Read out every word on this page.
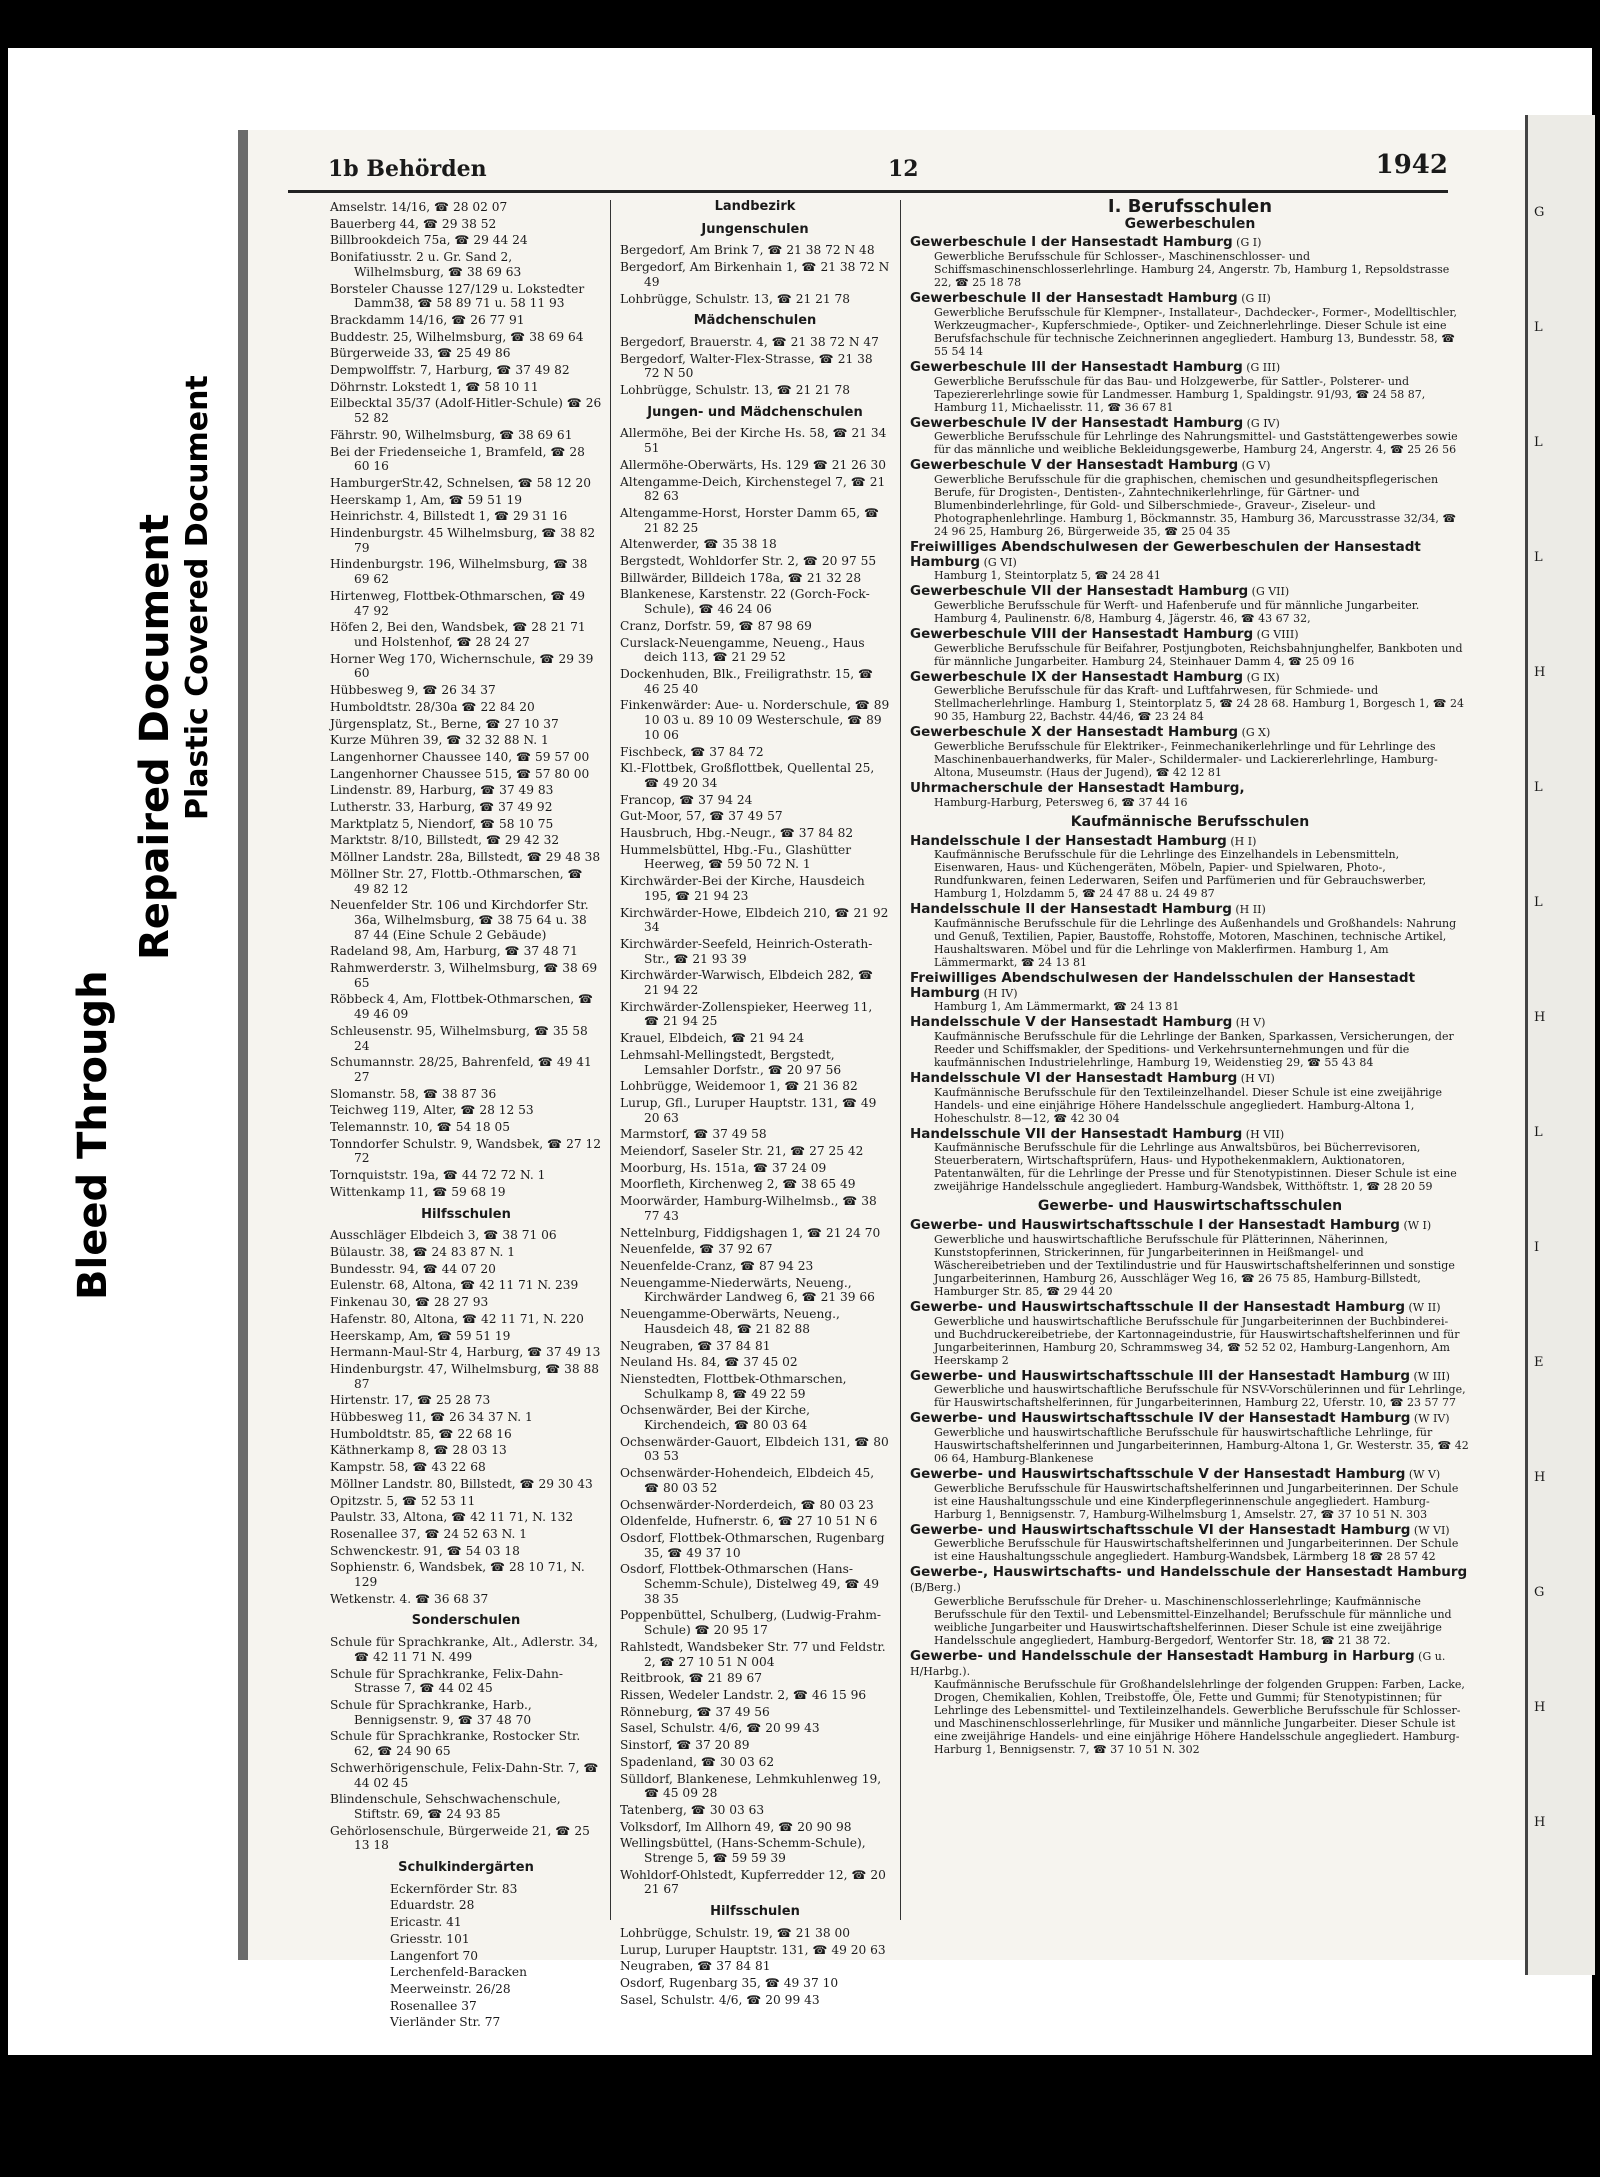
Bleed Through
Repaired Document Plastic Covered Document
G
L
L
L
H
L
L
H
L
I
E
H
G
H
H
1b Behörden	12	1942
Amselstr. 14/16, ☎ 28 02 07
Bauerberg 44, ☎ 29 38 52
Billbrookdeich 75a, ☎ 29 44 24
Bonifatiusstr. 2 u. Gr. Sand 2, Wilhelmsburg, ☎ 38 69 63
Borsteler Chausse 127/129 u. Lokstedter Damm38, ☎ 58 89 71 u. 58 11 93
Brackdamm 14/16, ☎ 26 77 91
Buddestr. 25, Wilhelmsburg, ☎ 38 69 64
Bürgerweide 33, ☎ 25 49 86
Dempwolffstr. 7, Harburg, ☎ 37 49 82
Döhrnstr. Lokstedt 1, ☎ 58 10 11
Eilbecktal 35/37 (Adolf-Hitler-Schule) ☎ 26 52 82
Fährstr. 90, Wilhelmsburg, ☎ 38 69 61
Bei der Friedenseiche 1, Bramfeld, ☎ 28 60 16
HamburgerStr.42, Schnelsen, ☎ 58 12 20
Heerskamp 1, Am, ☎ 59 51 19
Heinrichstr. 4, Billstedt 1, ☎ 29 31 16
Hindenburgstr. 45 Wilhelmsburg, ☎ 38 82 79
Hindenburgstr. 196, Wilhelmsburg, ☎ 38 69 62
Hirtenweg, Flottbek-Othmarschen, ☎ 49 47 92
Höfen 2, Bei den, Wandsbek, ☎ 28 21 71 und Holstenhof, ☎ 28 24 27
Horner Weg 170, Wichernschule, ☎ 29 39 60
Hübbesweg 9, ☎ 26 34 37
Humboldtstr. 28/30a ☎ 22 84 20
Jürgensplatz, St., Berne, ☎ 27 10 37
Kurze Mühren 39, ☎ 32 32 88 N. 1
Langenhorner Chaussee 140, ☎ 59 57 00
Langenhorner Chaussee 515, ☎ 57 80 00
Lindenstr. 89, Harburg, ☎ 37 49 83
Lutherstr. 33, Harburg, ☎ 37 49 92
Marktplatz 5, Niendorf, ☎ 58 10 75
Marktstr. 8/10, Billstedt, ☎ 29 42 32
Möllner Landstr. 28a, Billstedt, ☎ 29 48 38
Möllner Str. 27, Flottb.-Othmarschen, ☎ 49 82 12
Neuenfelder Str. 106 und Kirchdorfer Str. 36a, Wilhelmsburg, ☎ 38 75 64 u. 38 87 44 (Eine Schule 2 Gebäude)
Radeland 98, Am, Harburg, ☎ 37 48 71
Rahmwerderstr. 3, Wilhelmsburg, ☎ 38 69 65
Röbbeck 4, Am, Flottbek-Othmarschen, ☎ 49 46 09
Schleusenstr. 95, Wilhelmsburg, ☎ 35 58 24
Schumannstr. 28/25, Bahrenfeld, ☎ 49 41 27
Slomanstr. 58, ☎ 38 87 36
Teichweg 119, Alter, ☎ 28 12 53
Telemannstr. 10, ☎ 54 18 05
Tonndorfer Schulstr. 9, Wandsbek, ☎ 27 12 72
Tornquiststr. 19a, ☎ 44 72 72 N. 1
Wittenkamp 11, ☎ 59 68 19
Hilfsschulen
Ausschläger Elbdeich 3, ☎ 38 71 06
Bülaustr. 38, ☎ 24 83 87 N. 1
Bundesstr. 94, ☎ 44 07 20
Eulenstr. 68, Altona, ☎ 42 11 71 N. 239
Finkenau 30, ☎ 28 27 93
Hafenstr. 80, Altona, ☎ 42 11 71, N. 220
Heerskamp, Am, ☎ 59 51 19
Hermann-Maul-Str 4, Harburg, ☎ 37 49 13
Hindenburgstr. 47, Wilhelmsburg, ☎ 38 88 87
Hirtenstr. 17, ☎ 25 28 73
Hübbesweg 11, ☎ 26 34 37 N. 1
Humboldtstr. 85, ☎ 22 68 16
Käthnerkamp 8, ☎ 28 03 13
Kampstr. 58, ☎ 43 22 68
Möllner Landstr. 80, Billstedt, ☎ 29 30 43
Opitzstr. 5, ☎ 52 53 11
Paulstr. 33, Altona, ☎ 42 11 71, N. 132
Rosenallee 37, ☎ 24 52 63 N. 1
Schwenckestr. 91, ☎ 54 03 18
Sophienstr. 6, Wandsbek, ☎ 28 10 71, N. 129
Wetkenstr. 4. ☎ 36 68 37
Sonderschulen
Schule für Sprachkranke, Alt., Adlerstr. 34, ☎ 42 11 71 N. 499
Schule für Sprachkranke, Felix-Dahn-Strasse 7, ☎ 44 02 45
Schule für Sprachkranke, Harb., Bennigsenstr. 9, ☎ 37 48 70
Schule für Sprachkranke, Rostocker Str. 62, ☎ 24 90 65
Schwerhörigenschule, Felix-Dahn-Str. 7, ☎ 44 02 45
Blindenschule, Sehschwachenschule, Stiftstr. 69, ☎ 24 93 85
Gehörlosenschule, Bürgerweide 21, ☎ 25 13 18
Schulkindergärten
Eckernförder Str. 83
Eduardstr. 28
Ericastr. 41
Griesstr. 101
Langenfort 70
Lerchenfeld-Baracken
Meerweinstr. 26/28
Rosenallee 37
Vierländer Str. 77
Landbezirk
Jungenschulen
Bergedorf, Am Brink 7, ☎ 21 38 72 N 48
Bergedorf, Am Birkenhain 1, ☎ 21 38 72 N 49
Lohbrügge, Schulstr. 13, ☎ 21 21 78
Mädchenschulen
Bergedorf, Brauerstr. 4, ☎ 21 38 72 N 47
Bergedorf, Walter-Flex-Strasse, ☎ 21 38 72 N 50
Lohbrügge, Schulstr. 13, ☎ 21 21 78
Jungen- und Mädchenschulen
Allermöhe, Bei der Kirche Hs. 58, ☎ 21 34 51
Allermöhe-Oberwärts, Hs. 129 ☎ 21 26 30
Altengamme-Deich, Kirchenstegel 7, ☎ 21 82 63
Altengamme-Horst, Horster Damm 65, ☎ 21 82 25
Altenwerder, ☎ 35 38 18
Bergstedt, Wohldorfer Str. 2, ☎ 20 97 55
Billwärder, Billdeich 178a, ☎ 21 32 28
Blankenese, Karstenstr. 22 (Gorch-Fock-Schule), ☎ 46 24 06
Cranz, Dorfstr. 59, ☎ 87 98 69
Curslack-Neuengamme, Neueng., Haus deich 113, ☎ 21 29 52
Dockenhuden, Blk., Freiligrathstr. 15, ☎ 46 25 40
Finkenwärder: Aue- u. Norderschule, ☎ 89 10 03 u. 89 10 09 Westerschule, ☎ 89 10 06
Fischbeck, ☎ 37 84 72
Kl.-Flottbek, Großflottbek, Quellental 25, ☎ 49 20 34
Francop, ☎ 37 94 24
Gut-Moor, 57, ☎ 37 49 57
Hausbruch, Hbg.-Neugr., ☎ 37 84 82
Hummelsbüttel, Hbg.-Fu., Glashütter Heerweg, ☎ 59 50 72 N. 1
Kirchwärder-Bei der Kirche, Hausdeich 195, ☎ 21 94 23
Kirchwärder-Howe, Elbdeich 210, ☎ 21 92 34
Kirchwärder-Seefeld, Heinrich-Osterath-Str., ☎ 21 93 39
Kirchwärder-Warwisch, Elbdeich 282, ☎ 21 94 22
Kirchwärder-Zollenspieker, Heerweg 11, ☎ 21 94 25
Krauel, Elbdeich, ☎ 21 94 24
Lehmsahl-Mellingstedt, Bergstedt, Lemsahler Dorfstr., ☎ 20 97 56
Lohbrügge, Weidemoor 1, ☎ 21 36 82
Lurup, Gfl., Luruper Hauptstr. 131, ☎ 49 20 63
Marmstorf, ☎ 37 49 58
Meiendorf, Saseler Str. 21, ☎ 27 25 42
Moorburg, Hs. 151a, ☎ 37 24 09
Moorfleth, Kirchenweg 2, ☎ 38 65 49
Moorwärder, Hamburg-Wilhelmsb., ☎ 38 77 43
Nettelnburg, Fiddigshagen 1, ☎ 21 24 70
Neuenfelde, ☎ 37 92 67
Neuenfelde-Cranz, ☎ 87 94 23
Neuengamme-Niederwärts, Neueng., Kirchwärder Landweg 6, ☎ 21 39 66
Neuengamme-Oberwärts, Neueng., Hausdeich 48, ☎ 21 82 88
Neugraben, ☎ 37 84 81
Neuland Hs. 84, ☎ 37 45 02
Nienstedten, Flottbek-Othmarschen, Schulkamp 8, ☎ 49 22 59
Ochsenwärder, Bei der Kirche, Kirchendeich, ☎ 80 03 64
Ochsenwärder-Gauort, Elbdeich 131, ☎ 80 03 53
Ochsenwärder-Hohendeich, Elbdeich 45, ☎ 80 03 52
Ochsenwärder-Norderdeich, ☎ 80 03 23
Oldenfelde, Hufnerstr. 6, ☎ 27 10 51 N 6
Osdorf, Flottbek-Othmarschen, Rugenbarg 35, ☎ 49 37 10
Osdorf, Flottbek-Othmarschen (Hans-Schemm-Schule), Distelweg 49, ☎ 49 38 35
Poppenbüttel, Schulberg, (Ludwig-Frahm-Schule) ☎ 20 95 17
Rahlstedt, Wandsbeker Str. 77 und Feldstr. 2, ☎ 27 10 51 N 004
Reitbrook, ☎ 21 89 67
Rissen, Wedeler Landstr. 2, ☎ 46 15 96
Rönneburg, ☎ 37 49 56
Sasel, Schulstr. 4/6, ☎ 20 99 43
Sinstorf, ☎ 37 20 89
Spadenland, ☎ 30 03 62
Sülldorf, Blankenese, Lehmkuhlenweg 19, ☎ 45 09 28
Tatenberg, ☎ 30 03 63
Volksdorf, Im Allhorn 49, ☎ 20 90 98
Wellingsbüttel, (Hans-Schemm-Schule), Strenge 5, ☎ 59 59 39
Wohldorf-Ohlstedt, Kupferredder 12, ☎ 20 21 67
Hilfsschulen
Lohbrügge, Schulstr. 19, ☎ 21 38 00
Lurup, Luruper Hauptstr. 131, ☎ 49 20 63
Neugraben, ☎ 37 84 81
Osdorf, Rugenbarg 35, ☎ 49 37 10
Sasel, Schulstr. 4/6, ☎ 20 99 43
I. Berufsschulen
Gewerbeschulen
Gewerbeschule I der Hansestadt Hamburg (G I)
Gewerbliche Berufsschule für Schlosser-, Maschinenschlosser- und Schiffsmaschinenschlosserlehrlinge. Hamburg 24, Angerstr. 7b, Hamburg 1, Repsoldstrasse 22, ☎ 25 18 78
Gewerbeschule II der Hansestadt Hamburg (G II)
Gewerbliche Berufsschule für Klempner-, Installateur-, Dachdecker-, Former-, Modelltischler, Werkzeugmacher-, Kupferschmiede-, Optiker- und Zeichnerlehrlinge. Dieser Schule ist eine Berufsfachschule für technische Zeichnerinnen angegliedert. Hamburg 13, Bundesstr. 58, ☎ 55 54 14
Gewerbeschule III der Hansestadt Hamburg (G III)
Gewerbliche Berufsschule für das Bau- und Holzgewerbe, für Sattler-, Polsterer- und Tapeziererlehrlinge sowie für Landmesser. Hamburg 1, Spaldingstr. 91/93, ☎ 24 58 87, Hamburg 11, Michaelisstr. 11, ☎ 36 67 81
Gewerbeschule IV der Hansestadt Hamburg (G IV)
Gewerbliche Berufsschule für Lehrlinge des Nahrungsmittel- und Gaststättengewerbes sowie für das männliche und weibliche Bekleidungsgewerbe, Hamburg 24, Angerstr. 4, ☎ 25 26 56
Gewerbeschule V der Hansestadt Hamburg (G V)
Gewerbliche Berufsschule für die graphischen, chemischen und gesundheitspflegerischen Berufe, für Drogisten-, Dentisten-, Zahntechnikerlehrlinge, für Gärtner- und Blumenbinderlehrlinge, für Gold- und Silberschmiede-, Graveur-, Ziseleur- und Photographenlehrlinge. Hamburg 1, Böckmannstr. 35, Hamburg 36, Marcusstrasse 32/34, ☎ 24 96 25, Hamburg 26, Bürgerweide 35, ☎ 25 04 35
Freiwilliges Abendschulwesen der Gewerbeschulen der Hansestadt Hamburg (G VI)
Hamburg 1, Steintorplatz 5, ☎ 24 28 41
Gewerbeschule VII der Hansestadt Hamburg (G VII)
Gewerbliche Berufsschule für Werft- und Hafenberufe und für männliche Jungarbeiter. Hamburg 4, Paulinenstr. 6/8, Hamburg 4, Jägerstr. 46, ☎ 43 67 32,
Gewerbeschule VIII der Hansestadt Hamburg (G VIII)
Gewerbliche Berufsschule für Beifahrer, Postjungboten, Reichsbahnjunghelfer, Bankboten und für männliche Jungarbeiter. Hamburg 24, Steinhauer Damm 4, ☎ 25 09 16
Gewerbeschule IX der Hansestadt Hamburg (G IX)
Gewerbliche Berufsschule für das Kraft- und Luftfahrwesen, für Schmiede- und Stellmacherlehrlinge. Hamburg 1, Steintorplatz 5, ☎ 24 28 68. Hamburg 1, Borgesch 1, ☎ 24 90 35, Hamburg 22, Bachstr. 44/46, ☎ 23 24 84
Gewerbeschule X der Hansestadt Hamburg (G X)
Gewerbliche Berufsschule für Elektriker-, Feinmechanikerlehrlinge und für Lehrlinge des Maschinenbauerhandwerks, für Maler-, Schildermaler- und Lackiererlehrlinge, Hamburg-Altona, Museumstr. (Haus der Jugend), ☎ 42 12 81
Uhrmacherschule der Hansestadt Hamburg,
Hamburg-Harburg, Petersweg 6, ☎ 37 44 16
Kaufmännische Berufsschulen
Handelsschule I der Hansestadt Hamburg (H I)
Kaufmännische Berufsschule für die Lehrlinge des Einzelhandels in Lebensmitteln, Eisenwaren, Haus- und Küchengeräten, Möbeln, Papier- und Spielwaren, Photo-, Rundfunkwaren, feinen Lederwaren, Seifen und Parfümerien und für Gebrauchswerber, Hamburg 1, Holzdamm 5, ☎ 24 47 88 u. 24 49 87
Handelsschule II der Hansestadt Hamburg (H II)
Kaufmännische Berufsschule für die Lehrlinge des Außenhandels und Großhandels: Nahrung und Genuß, Textilien, Papier, Baustoffe, Rohstoffe, Motoren, Maschinen, technische Artikel, Haushaltswaren. Möbel und für die Lehrlinge von Maklerfirmen. Hamburg 1, Am Lämmermarkt, ☎ 24 13 81
Freiwilliges Abendschulwesen der Handelsschulen der Hansestadt Hamburg (H IV)
Hamburg 1, Am Lämmermarkt, ☎ 24 13 81
Handelsschule V der Hansestadt Hamburg (H V)
Kaufmännische Berufsschule für die Lehrlinge der Banken, Sparkassen, Versicherungen, der Reeder und Schiffsmakler, der Speditions- und Verkehrsunternehmungen und für die kaufmännischen Industrielehrlinge, Hamburg 19, Weidenstieg 29, ☎ 55 43 84
Handelsschule VI der Hansestadt Hamburg (H VI)
Kaufmännische Berufsschule für den Textileinzelhandel. Dieser Schule ist eine zweijährige Handels- und eine einjährige Höhere Handelsschule angegliedert. Hamburg-Altona 1, Hoheschulstr. 8—12, ☎ 42 30 04
Handelsschule VII der Hansestadt Hamburg (H VII)
Kaufmännische Berufsschule für die Lehrlinge aus Anwaltsbüros, bei Bücherrevisoren, Steuerberatern, Wirtschaftsprüfern, Haus- und Hypothekenmaklern, Auktionatoren, Patentanwälten, für die Lehrlinge der Presse und für Stenotypistinnen. Dieser Schule ist eine zweijährige Handelsschule angegliedert. Hamburg-Wandsbek, Witthöftstr. 1, ☎ 28 20 59
Gewerbe- und Hauswirtschaftsschulen
Gewerbe- und Hauswirtschaftsschule I der Hansestadt Hamburg (W I)
Gewerbliche und hauswirtschaftliche Berufsschule für Plätterinnen, Näherinnen, Kunststopferinnen, Strickerinnen, für Jungarbeiterinnen in Heißmangel- und Wäschereibetrieben und der Textilindustrie und für Hauswirtschaftshelferinnen und sonstige Jungarbeiterinnen, Hamburg 26, Ausschläger Weg 16, ☎ 26 75 85, Hamburg-Billstedt, Hamburger Str. 85, ☎ 29 44 20
Gewerbe- und Hauswirtschaftsschule II der Hansestadt Hamburg (W II)
Gewerbliche und hauswirtschaftliche Berufsschule für Jungarbeiterinnen der Buchbinderei- und Buchdruckereibetriebe, der Kartonnageindustrie, für Hauswirtschaftshelferinnen und für Jungarbeiterinnen, Hamburg 20, Schrammsweg 34, ☎ 52 52 02, Hamburg-Langenhorn, Am Heerskamp 2
Gewerbe- und Hauswirtschaftsschule III der Hansestadt Hamburg (W III)
Gewerbliche und hauswirtschaftliche Berufsschule für NSV-Vorschülerinnen und für Lehrlinge, für Hauswirtschaftshelferinnen, für Jungarbeiterinnen, Hamburg 22, Uferstr. 10, ☎ 23 57 77
Gewerbe- und Hauswirtschaftsschule IV der Hansestadt Hamburg (W IV)
Gewerbliche und hauswirtschaftliche Berufsschule für hauswirtschaftliche Lehrlinge, für Hauswirtschaftshelferinnen und Jungarbeiterinnen, Hamburg-Altona 1, Gr. Westerstr. 35, ☎ 42 06 64, Hamburg-Blankenese
Gewerbe- und Hauswirtschaftsschule V der Hansestadt Hamburg (W V)
Gewerbliche Berufsschule für Hauswirtschaftshelferinnen und Jungarbeiterinnen. Der Schule ist eine Haushaltungsschule und eine Kinderpflegerinnenschule angegliedert. Hamburg-Harburg 1, Bennigsenstr. 7, Hamburg-Wilhelmsburg 1, Amselstr. 27, ☎ 37 10 51 N. 303
Gewerbe- und Hauswirtschaftsschule VI der Hansestadt Hamburg (W VI)
Gewerbliche Berufsschule für Hauswirtschaftshelferinnen und Jungarbeiterinnen. Der Schule ist eine Haushaltungsschule angegliedert. Hamburg-Wandsbek, Lärmberg 18 ☎ 28 57 42
Gewerbe-, Hauswirtschafts- und Handelsschule der Hansestadt Hamburg (B/Berg.)
Gewerbliche Berufsschule für Dreher- u. Maschinenschlosserlehrlinge; Kaufmännische Berufsschule für den Textil- und Lebensmittel-Einzelhandel; Berufsschule für männliche und weibliche Jungarbeiter und Hauswirtschaftshelferinnen. Dieser Schule ist eine zweijährige Handelsschule angegliedert, Hamburg-Bergedorf, Wentorfer Str. 18, ☎ 21 38 72.
Gewerbe- und Handelsschule der Hansestadt Hamburg in Harburg (G u. H/Harbg.).
Kaufmännische Berufsschule für Großhandelslehrlinge der folgenden Gruppen: Farben, Lacke, Drogen, Chemikalien, Kohlen, Treibstoffe, Öle, Fette und Gummi; für Stenotypistinnen; für Lehrlinge des Lebensmittel- und Textileinzelhandels. Gewerbliche Berufsschule für Schlosser- und Maschinenschlosserlehrlinge, für Musiker und männliche Jungarbeiter. Dieser Schule ist eine zweijährige Handels- und eine einjährige Höhere Handelsschule angegliedert. Hamburg-Harburg 1, Bennigsenstr. 7, ☎ 37 10 51 N. 302
